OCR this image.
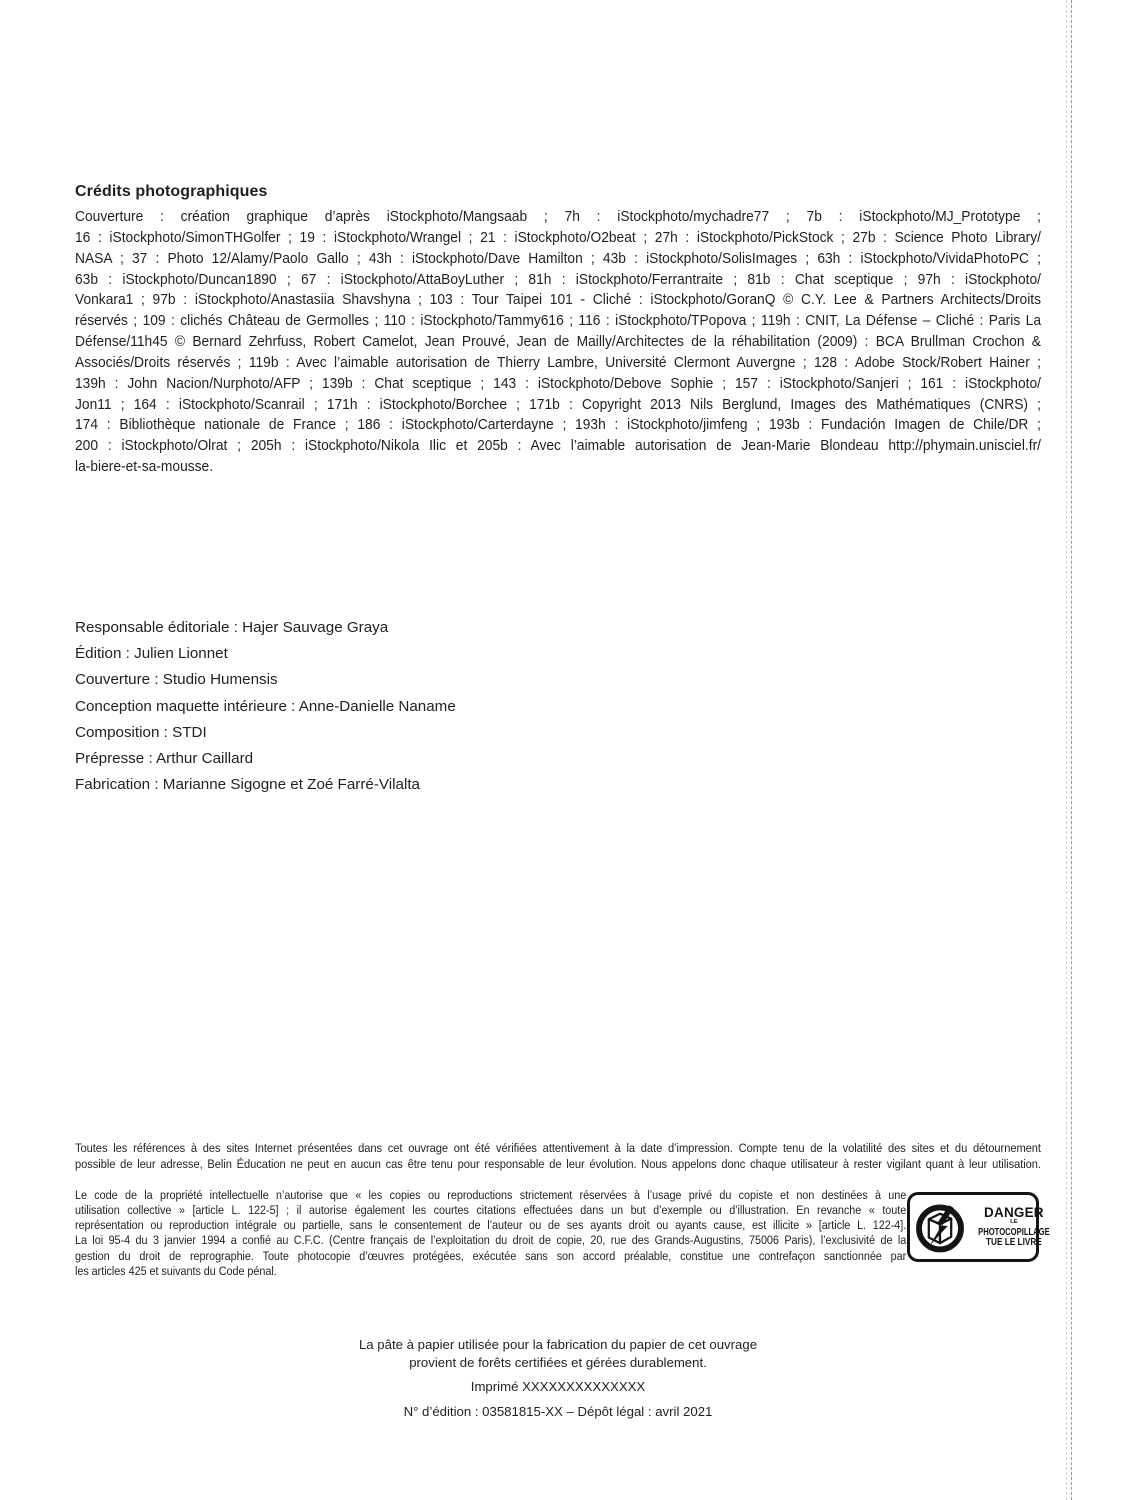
Crédits photographiques
Couverture : création graphique d’après iStockphoto/Mangsaab ; 7h : iStockphoto/mychadre77 ; 7b : iStockphoto/MJ_Prototype ;
16 : iStockphoto/SimonTHGolfer ; 19 : iStockphoto/Wrangel ; 21 : iStockphoto/O2beat ; 27h : iStockphoto/PickStock ; 27b : Science Photo Library/
NASA ; 37 : Photo 12/Alamy/Paolo Gallo ; 43h : iStockphoto/Dave Hamilton ; 43b : iStockphoto/SolisImages ; 63h : iStockphoto/VividaPhotoPC ;
63b : iStockphoto/Duncan1890 ; 67 : iStockphoto/AttaBoyLuther ; 81h : iStockphoto/Ferrantraite ; 81b : Chat sceptique ; 97h : iStockphoto/
Vonkara1 ; 97b : iStockphoto/Anastasiia Shavshyna ; 103 : Tour Taipei 101 - Cliché : iStockphoto/GoranQ © C.Y. Lee & Partners Architects/Droits
réservés ; 109 : clichés Château de Germolles ; 110 : iStockphoto/Tammy616 ; 116 : iStockphoto/TPopova ; 119h : CNIT, La Défense – Cliché : Paris La
Défense/11h45 © Bernard Zehrfuss, Robert Camelot, Jean Prouvé, Jean de Mailly/Architectes de la réhabilitation (2009) : BCA Brullman Crochon &
Associés/Droits réservés ; 119b : Avec l’aimable autorisation de Thierry Lambre, Université Clermont Auvergne ; 128 : Adobe Stock/Robert Hainer ;
139h : John Nacion/Nurphoto/AFP ; 139b : Chat sceptique ; 143 : iStockphoto/Debove Sophie ; 157 : iStockphoto/Sanjeri ; 161 : iStockphoto/
Jon11 ; 164 : iStockphoto/Scanrail ; 171h : iStockphoto/Borchee ; 171b : Copyright 2013 Nils Berglund, Images des Mathématiques (CNRS) ;
174 : Bibliothèque nationale de France ; 186 : iStockphoto/Carterdayne ; 193h : iStockphoto/jimfeng ; 193b : Fundación Imagen de Chile/DR ;
200 : iStockphoto/Olrat ; 205h : iStockphoto/Nikola Ilic et 205b : Avec l’aimable autorisation de Jean-Marie Blondeau http://phymain.unisciel.fr/
la-biere-et-sa-mousse.
Responsable éditoriale : Hajer Sauvage Graya
Édition : Julien Lionnet
Couverture : Studio Humensis
Conception maquette intérieure : Anne-Danielle Naname
Composition : STDI
Prépresse : Arthur Caillard
Fabrication : Marianne Sigogne et Zoé Farré-Vilalta
Toutes les références à des sites Internet présentées dans cet ouvrage ont été vérifiées attentivement à la date d’impression. Compte tenu de la volatilité des sites et du détournement
possible de leur adresse, Belin Éducation ne peut en aucun cas être tenu pour responsable de leur évolution. Nous appelons donc chaque utilisateur à rester vigilant quant à leur utilisation.
Le code de la propriété intellectuelle n’autorise que « les copies ou reproductions strictement réservées à l’usage privé du copiste et non destinées à une
utilisation collective » [article L. 122-5] ; il autorise également les courtes citations effectuées dans un but d’exemple ou d’illustration. En revanche « toute
représentation ou reproduction intégrale ou partielle, sans le consentement de l’auteur ou de ses ayants droit ou ayants cause, est illicite » [article L. 122-4].
La loi 95-4 du 3 janvier 1994 a confié au C.F.C. (Centre français de l’exploitation du droit de copie, 20, rue des Grands-Augustins, 75006 Paris), l’exclusivité de la
gestion du droit de reprographie. Toute photocopie d’œuvres protégées, exécutée sans son accord préalable, constitue une contrefaçon sanctionnée par
les articles 425 et suivants du Code pénal.
DANGER
LE
PHOTOCOPILLAGE
TUE LE LIVRE
La pâte à papier utilisée pour la fabrication du papier de cet ouvrage
provient de forêts certifiées et gérées durablement.
Imprimé XXXXXXXXXXXXXX
N° d’édition : 03581815-XX – Dépôt légal : avril 2021
